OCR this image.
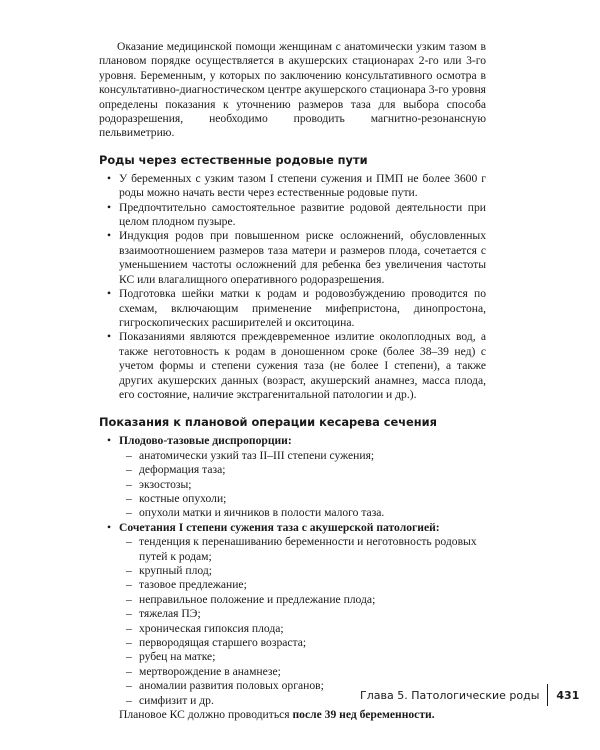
Оказание медицинской помощи женщинам с анатомически узким тазом в плановом порядке осуществляется в акушерских стационарах 2-го или 3-го уровня. Беременным, у которых по заключению консультативного осмотра в консультативно-диагностическом центре акушерского стационара 3-го уровня определены показания к уточнению размеров таза для выбора способа родоразрешения, необходимо проводить магнитно-резонансную пельвиметрию.

Роды через естественные родовые пути
• У беременных с узким тазом I степени сужения и ПМП не более 3600 г роды можно начать вести через естественные родовые пути.
• Предпочтительно самостоятельное развитие родовой деятельности при целом плодном пузыре.
• Индукция родов при повышенном риске осложнений, обусловленных взаимоотношением размеров таза матери и размеров плода, сочетается с уменьшением частоты осложнений для ребенка без увеличения частоты КС или влагалищного оперативного родоразрешения.
• Подготовка шейки матки к родам и родовозбуждению проводится по схемам, включающим применение мифепристона, динопростона, гигроскопических расширителей и окситоцина.
• Показаниями являются преждевременное излитие околоплодных вод, а также неготовность к родам в доношенном сроке (более 38–39 нед) с учетом формы и степени сужения таза (не более I степени), а также других акушерских данных (возраст, акушерский анамнез, масса плода, его состояние, наличие экстрагенитальной патологии и др.).
Показания к плановой операции кесарева сечения
• Плодово-тазовые диспропорции:
– анатомически узкий таз II–III степени сужения;
– деформация таза;
– экзостозы;
– костные опухоли;
– опухоли матки и яичников в полости малого таза.
• Сочетания I степени сужения таза с акушерской патологией:
– тенденция к перенашиванию беременности и неготовность родовых путей к родам;
– крупный плод;
– тазовое предлежание;
– неправильное положение и предлежание плода;
– тяжелая ПЭ;
– хроническая гипоксия плода;
– первородящая старшего возраста;
– рубец на матке;
– мертворождение в анамнезе;
– аномалии развития половых органов;
– симфизит и др.

Плановое КС должно проводиться после 39 нед беременности.

Глава 5. Патологические роды 431
